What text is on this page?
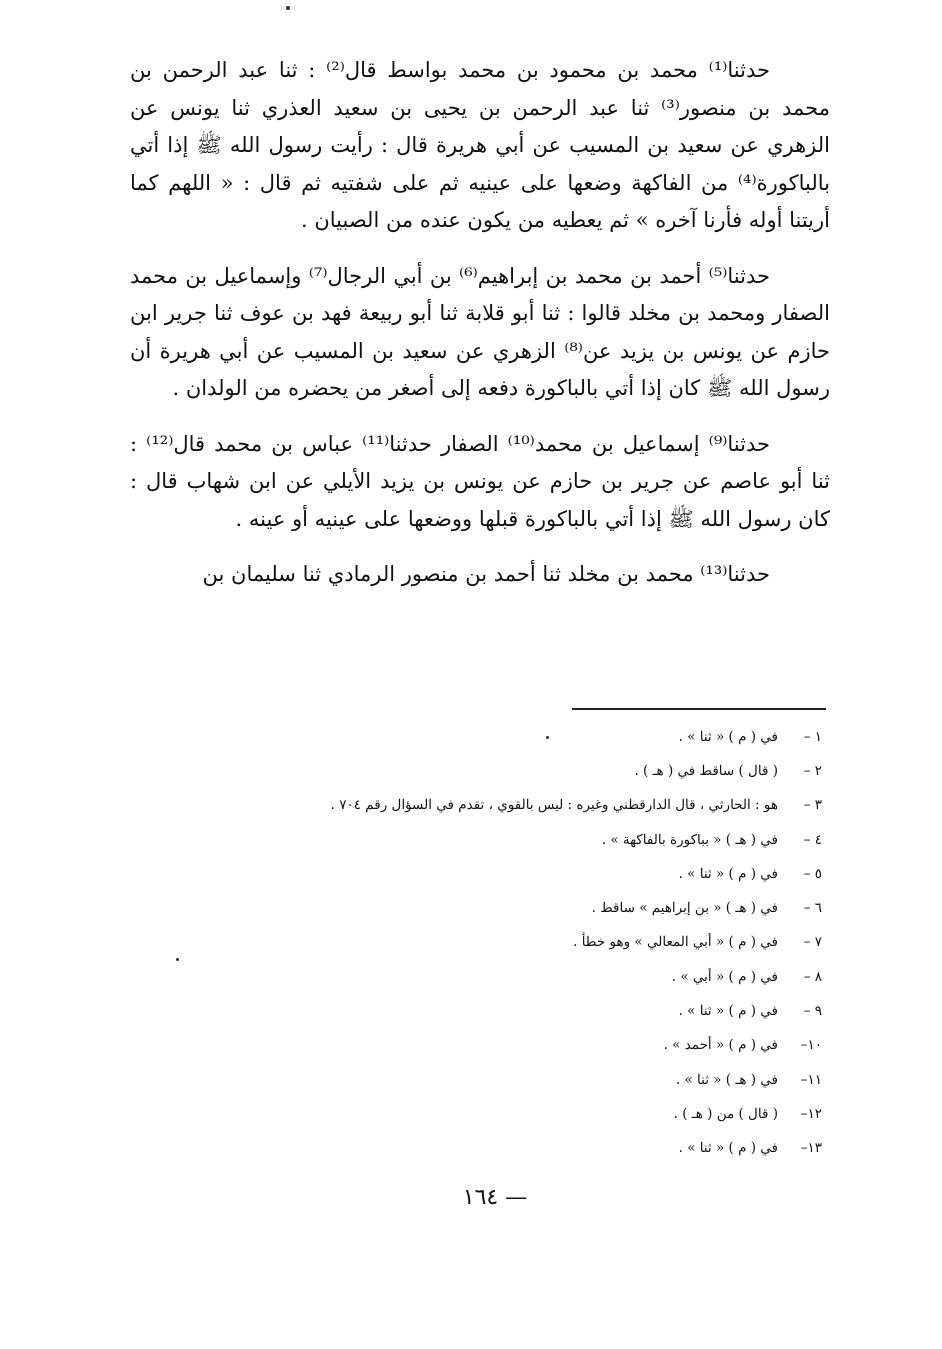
حدثنا⁽¹⁾ محمد بن محمود بن محمد بواسط قال⁽²⁾ : ثنا عبد الرحمن بن محمد بن منصور⁽³⁾ ثنا عبد الرحمن بن يحيى بن سعيد العذري ثنا يونس عن الزهري عن سعيد بن المسيب عن أبي هريرة قال : رأيت رسول الله ﷺ إذا أتي بالباكورة⁽⁴⁾ من الفاكهة وضعها على عينيه ثم على شفتيه ثم قال : « اللهم كما أريتنا أوله فأرنا آخره » ثم يعطيه من يكون عنده من الصبيان .

حدثنا⁽⁵⁾ أحمد بن محمد بن إبراهيم⁽⁶⁾ بن أبي الرجال⁽⁷⁾ وإسماعيل بن محمد الصفار ومحمد بن مخلد قالوا : ثنا أبو قلابة ثنا أبو ربيعة فهد بن عوف ثنا جرير ابن حازم عن يونس بن يزيد عن⁽⁸⁾ الزهري عن سعيد بن المسيب عن أبي هريرة أن رسول الله ﷺ كان إذا أتي بالباكورة دفعه إلى أصغر من يحضره من الولدان .

حدثنا⁽⁹⁾ إسماعيل بن محمد⁽¹⁰⁾ الصفار حدثنا⁽¹¹⁾ عباس بن محمد قال⁽¹²⁾ : ثنا أبو عاصم عن جرير بن حازم عن يونس بن يزيد الأيلي عن ابن شهاب قال : كان رسول الله ﷺ إذا أتي بالباكورة قبلها ووضعها على عينيه أو عينه .

حدثنا⁽¹³⁾ محمد بن مخلد ثنا أحمد بن منصور الرمادي ثنا سليمان بن

١ –
في ( م ) « ثنا » .
٢ –
( قال ) ساقط في ( هـ ) .
٣ –
هو : الحارثي ، قال الدارقطني وغيره : ليس بالقوي ، تقدم في السؤال رقم ٧٠٤ .
٤ –
في ( هـ ) « بباكورة بالفاكهة » .
٥ –
في ( م ) « ثنا » .
٦ –
في ( هـ ) « بن إبراهيم » ساقط .
٧ –
في ( م ) « أبي المعالي » وهو خطأ .
٨ –
في ( م ) « أبي » .
٩ –
في ( م ) « ثنا » .
١٠–
في ( م ) « أحمد » .
١١–
في ( هـ ) « ثنا » .
١٢–
( قال ) من ( هـ ) .
١٣–
في ( م ) « ثنا » .
— ١٦٤
